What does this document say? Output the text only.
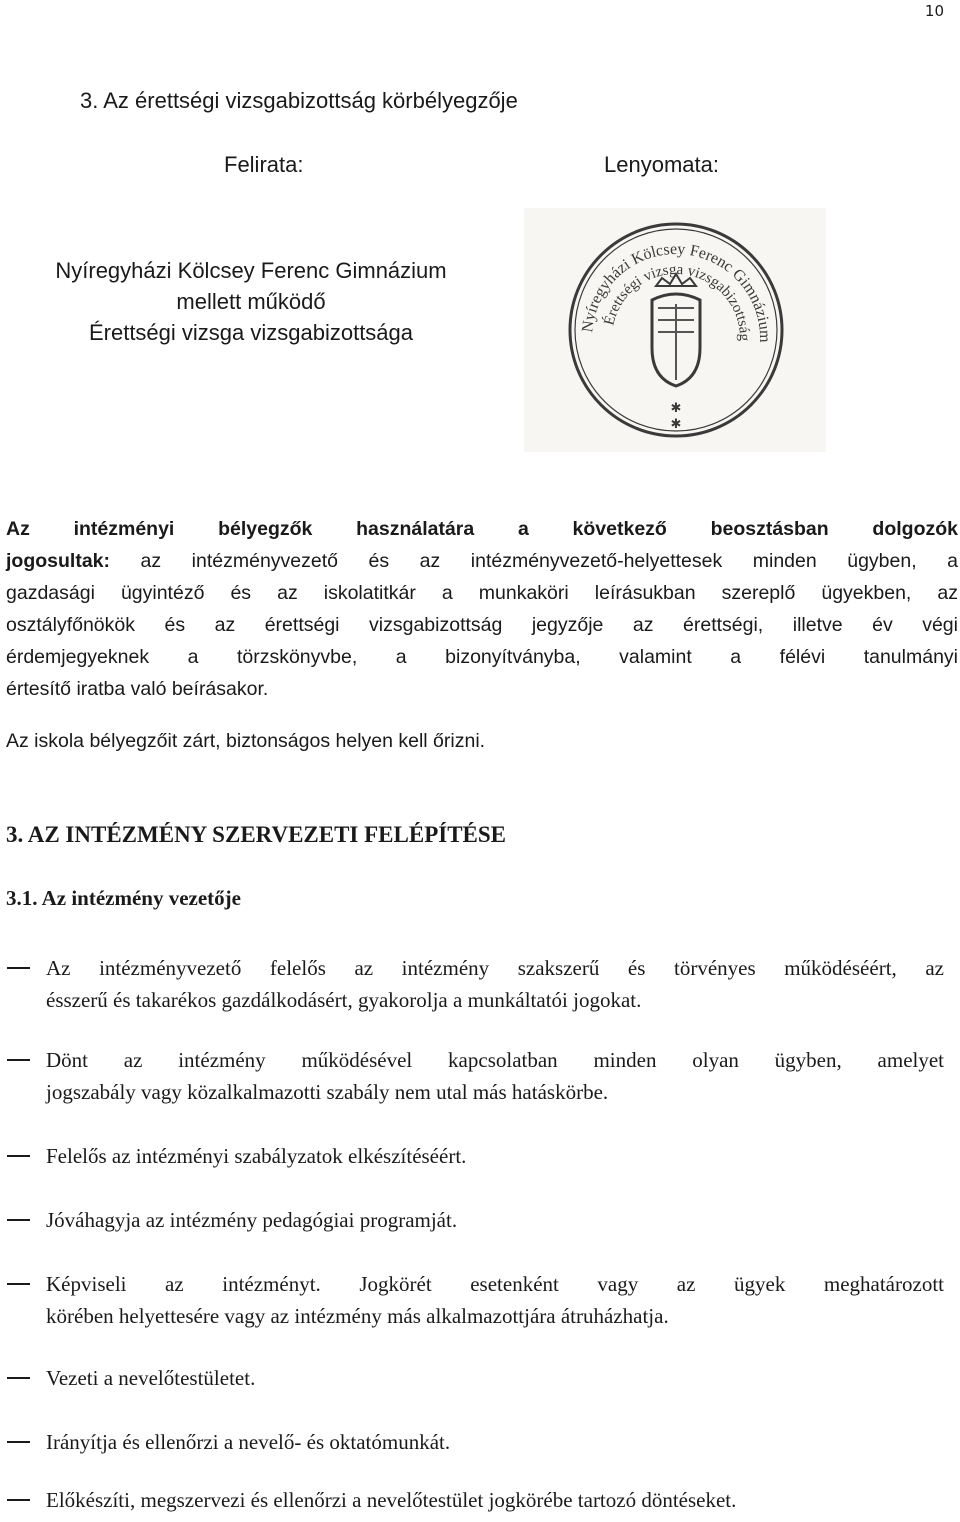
10
3. Az érettségi vizsgabizottság körbélyegzője
Felirata:	Lenyomata:
Nyíregyházi Kölcsey Ferenc Gimnázium
mellett működő
Érettségi vizsga vizsgabizottsága	Nyíregyházi Kölcsey Ferenc Gimnázium
Érettségi vizsga vizsgabizottság
✱
✱
Az intézményi bélyegzők használatára a következő beosztásban dolgozók
jogosultak: az intézményvezető és az intézményvezető-helyettesek minden ügyben, a
gazdasági ügyintéző és az iskolatitkár a munkaköri leírásukban szereplő ügyekben, az
osztályfőnökök és az érettségi vizsgabizottság jegyzője az érettségi, illetve év végi
érdemjegyeknek a törzskönyvbe, a bizonyítványba, valamint a félévi tanulmányi
értesítő iratba való beírásakor.
Az iskola bélyegzőit zárt, biztonságos helyen kell őrizni.
3. AZ INTÉZMÉNY SZERVEZETI FELÉPÍTÉSE
3.1. Az intézmény vezetője
Az intézményvezető felelős az intézmény szakszerű és törvényes működéséért, az
ésszerű és takarékos gazdálkodásért, gyakorolja a munkáltatói jogokat.
Dönt az intézmény működésével kapcsolatban minden olyan ügyben, amelyet
jogszabály vagy közalkalmazotti szabály nem utal más hatáskörbe.
Felelős az intézményi szabályzatok elkészítéséért.
Jóváhagyja az intézmény pedagógiai programját.
Képviseli az intézményt. Jogkörét esetenként vagy az ügyek meghatározott
körében helyettesére vagy az intézmény más alkalmazottjára átruházhatja.
Vezeti a nevelőtestületet.
Irányítja és ellenőrzi a nevelő- és oktatómunkát.
Előkészíti, megszervezi és ellenőrzi a nevelőtestület jogkörébe tartozó döntéseket.
